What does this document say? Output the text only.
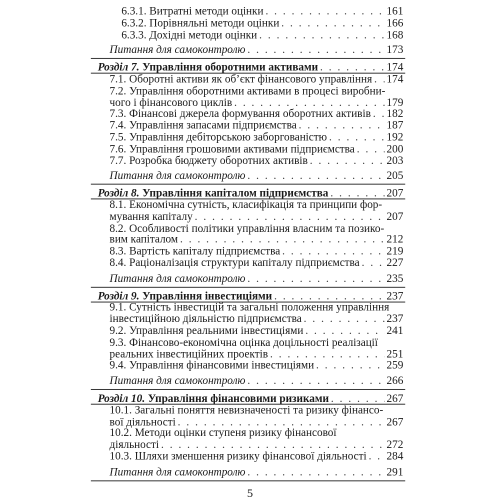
6.3.1. Витратні методи оцінки . . .	161
6.3.2. Порівняльні методи оцінки . . .	166
6.3.3. Дохідні методи оцінки . . .	168
Питання для самоконтролю . . .	173
Розділ 7. Управління оборотними активами . . .	174
7.1. Оборотні активи як об’єкт фінансового управління . . . 174
7.2. Управління оборотними активами в процесі виробни-
чого і фінансового циклів . . .	179
7.3. Фінансові джерела формування оборотних активів . . . 182
7.4. Управління запасами підприємства . . .	187
7.5. Управління дебіторською заборгованістю . . .	192
7.6. Управління грошовими активами підприємства . . .	200
7.7. Розробка бюджету оборотних активів . . .	203
Питання для самоконтролю . . .	205
Розділ 8. Управління капіталом підприємства . . .	207
8.1. Економічна сутність, класифікація та принципи фор-
мування капіталу . . .	207
8.2. Особливості політики управління власним та позико-
вим капіталом . . .	212
8.3. Вартість капіталу підприємства . . .	219
8.4. Раціоналізація структури капіталу підприємства . . . 227
Питання для самоконтролю . . .	235
Розділ 9. Управління інвестиціями . . .	237
9.1. Сутність інвестицій та загальні положення управління
інвестиційною діяльністю підприємства . . .	237
9.2. Управління реальними інвестиціями . . .	241
9.3. Фінансово-економічна оцінка доцільності реалізації
реальних інвестиційних проектів . . .	251
9.4. Управління фінансовими інвестиціями . . .	259
Питання для самоконтролю . . .	266
Розділ 10. Управління фінансовими ризиками . . .	267
10.1. Загальні поняття невизначеності та ризику фінансо-
вої діяльності . . .	267
10.2. Методи оцінки ступеня ризику фінансової
діяльності . . .	272
10.3. Шляхи зменшення ризику фінансової діяльності . . . 284
Питання для самоконтролю . . .	291
5
